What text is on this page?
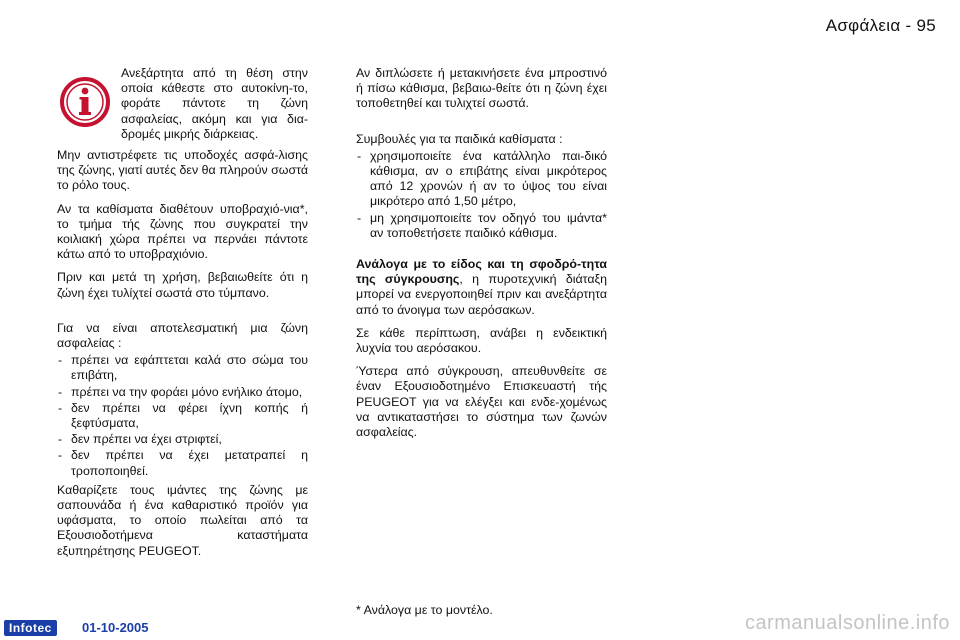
Ασφάλεια - 95

Ανεξάρτητα από τη θέση στην οποία κάθεστε στο αυτοκίνη-το, φοράτε πάντοτε τη ζώνη ασφαλείας, ακόμη και για δια-δρομές μικρής διάρκειας.

Μην αντιστρέφετε τις υποδοχές ασφά-λισης της ζώνης, γιατί αυτές δεν θα πληρούν σωστά το ρόλο τους.

Αν τα καθίσματα διαθέτουν υποβραχιό-νια*, το τμήμα τής ζώνης που συγκρατεί την κοιλιακή χώρα πρέπει να περνάει πάντοτε κάτω από το υποβραχιόνιο.

Πριν και μετά τη χρήση, βεβαιωθείτε ότι η ζώνη έχει τυλίχτεί σωστά στο τύμπανο.

Για να είναι αποτελεσματική μια ζώνη ασφαλείας :

- πρέπει να εφάπτεται καλά στο σώμα του επιβάτη,
- πρέπει να την φοράει μόνο ενήλικο άτομο,
- δεν πρέπει να φέρει ίχνη κοπής ή ξεφτύσματα,
- δεν πρέπει να έχει στριφτεί,
- δεν πρέπει να έχει μετατραπεί η τροποποιηθεί.

Καθαρίζετε τους ιμάντες της ζώνης με σαπουνάδα ή ένα καθαριστικό προϊόν για υφάσματα, το οποίο πωλείται από τα Εξουσιοδοτήμενα καταστήματα εξυπηρέτησης PEUGEOT.

Αν διπλώσετε ή μετακινήσετε ένα μπροστινό ή πίσω κάθισμα, βεβαιω-θείτε ότι η ζώνη έχει τοποθετηθεί και τυλιχτεί σωστά.

Συμβουλές για τα παιδικά καθίσματα :

- χρησιμοποιείτε ένα κατάλληλο παι-δικό κάθισμα, αν ο επιβάτης είναι μικρότερος από 12 χρονών ή αν το ύψος του είναι μικρότερο από 1,50 μέτρο,
- μη χρησιμοποιείτε τον οδηγό του ιμάντα* αν τοποθετήσετε παιδικό κάθισμα.

Ανάλογα με το είδος και τη σφοδρό-τητα της σύγκρουσης, η πυροτεχνική διάταξη μπορεί να ενεργοποιηθεί πριν και ανεξάρτητα από το άνοιγμα των αερόσακων.

Σε κάθε περίπτωση, ανάβει η ενδεικτική λυχνία του αερόσακου.

Ύστερα από σύγκρουση, απευθυνθείτε σε έναν Εξουσιοδοτημένο Επισκευαστή τής PEUGEOT για να ελέγξει και ενδε-χομένως να αντικαταστήσει το σύστημα των ζωνών ασφαλείας.

* Ανάλογα με το μοντέλο.
Infotec	01-10-2005	carmanualsonline.info
